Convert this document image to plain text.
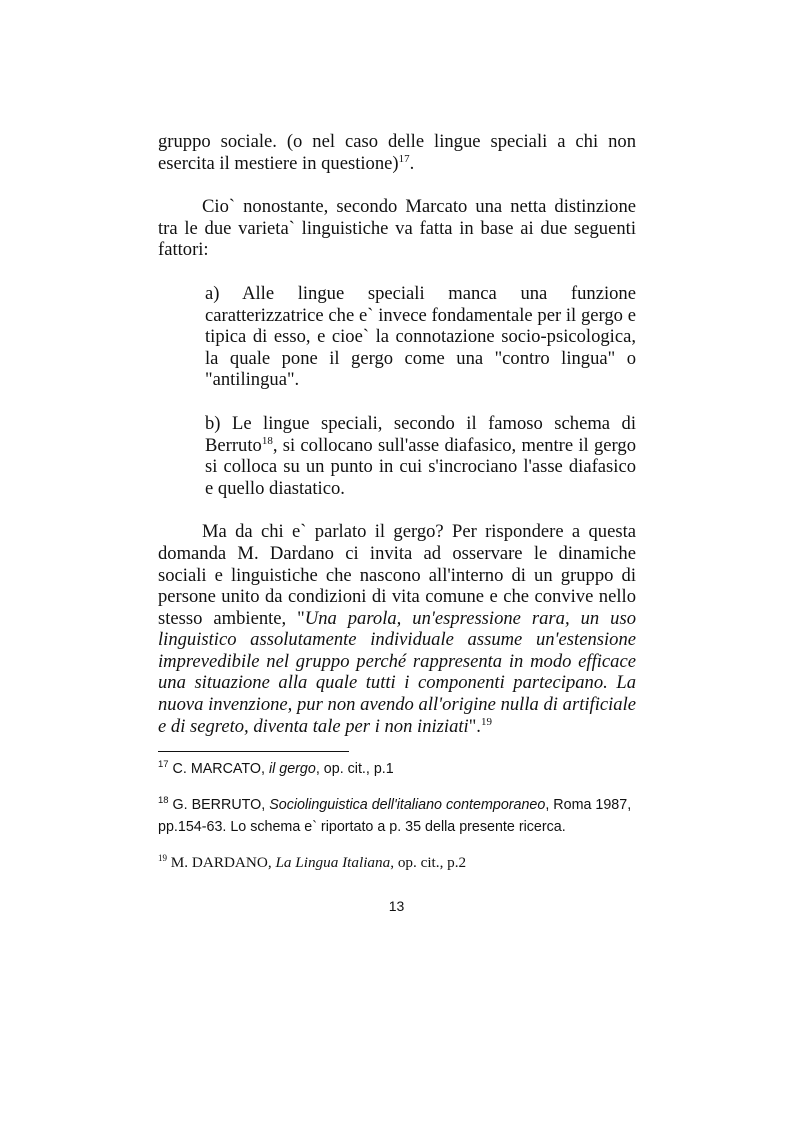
gruppo sociale. (o nel caso delle lingue speciali a chi non esercita il mestiere in questione)$^{17}$.

Cio` nonostante, secondo Marcato una netta distinzione tra le due varieta` linguistiche va fatta in base ai due seguenti fattori:

a) Alle lingue speciali manca una funzione caratterizzatrice che e` invece fondamentale per il gergo e tipica di esso, e cioe` la connotazione socio-psicologica, la quale pone il gergo come una "contro lingua" o "antilingua".

b) Le lingue speciali, secondo il famoso schema di Berruto$^{18}$, si collocano sull'asse diafasico, mentre il gergo si colloca su un punto in cui s'incrociano l'asse diafasico e quello diastatico.

Ma da chi e` parlato il gergo? Per rispondere a questa domanda M. Dardano ci invita ad osservare le dinamiche sociali e linguistiche che nascono all'interno di un gruppo di persone unito da condizioni di vita comune e che convive nello stesso ambiente, "Una parola, un'espressione rara, un uso linguistico assolutamente individuale assume un'estensione imprevedibile nel gruppo perché rappresenta in modo efficace una situazione alla quale tutti i componenti partecipano. La nuova invenzione, pur non avendo all'origine nulla di artificiale e di segreto, diventa tale per i non iniziati".$^{19}$

$^{17}$ C. MARCATO, il gergo, op. cit., p.1

$^{18}$ G. BERRUTO, Sociolinguistica dell'italiano contemporaneo, Roma 1987, pp.154-63. Lo schema e` riportato a p. 35 della presente ricerca.

$^{19}$ M. DARDANO, La Lingua Italiana, op. cit., p.2

13
